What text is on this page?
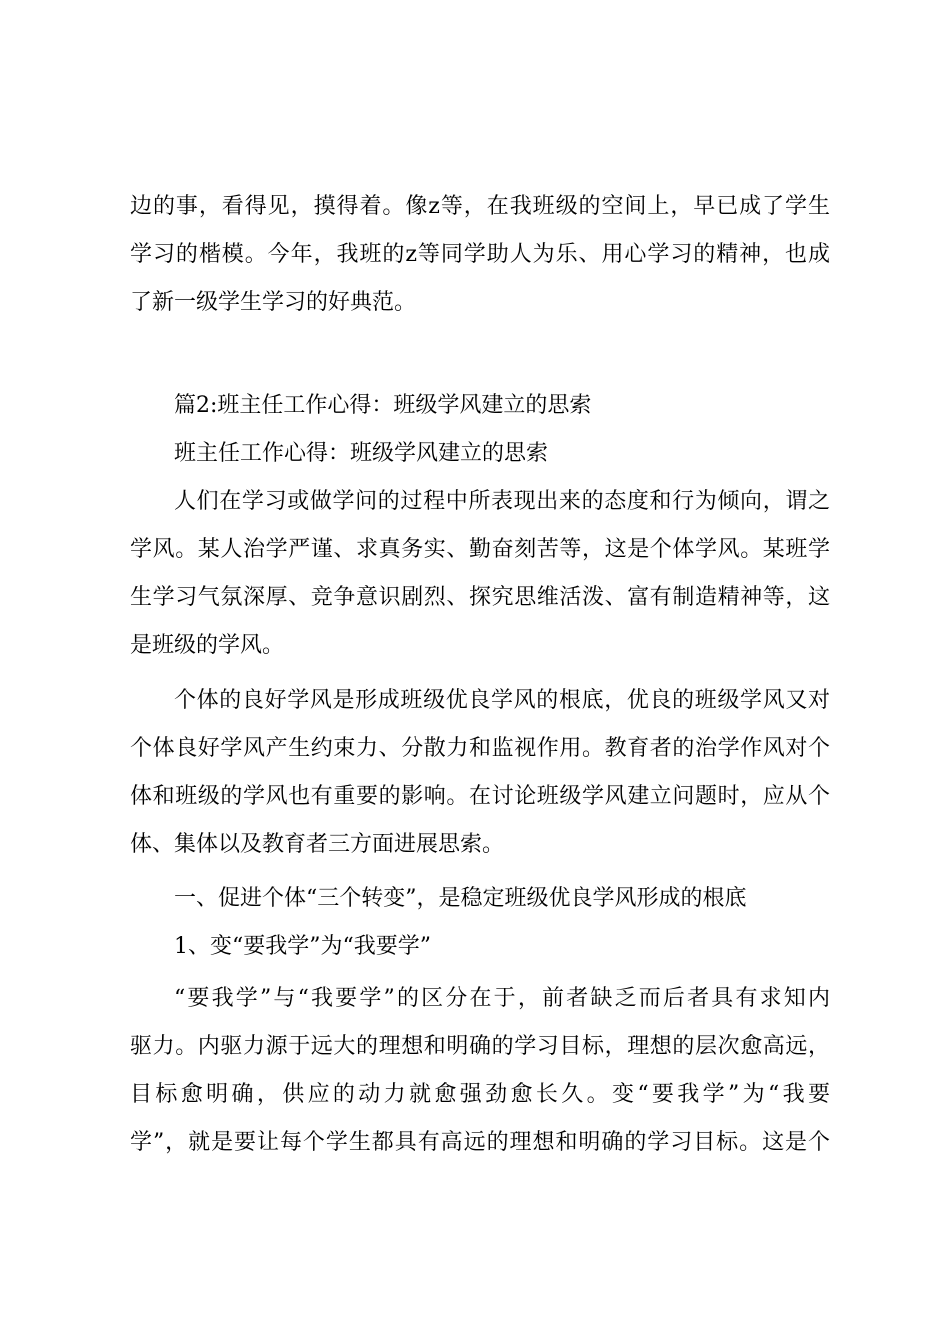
边的事，看得见，摸得着。像z等，在我班级的空间上，早已成了学生
学习的楷模。今年，我班的z等同学助人为乐、用心学习的精神，也成
了新一级学生学习的好典范。
篇2:班主任工作心得：班级学风建立的思索
班主任工作心得：班级学风建立的思索
人们在学习或做学问的过程中所表现出来的态度和行为倾向，谓之
学风。某人治学严谨、求真务实、勤奋刻苦等，这是个体学风。某班学
生学习气氛深厚、竞争意识剧烈、探究思维活泼、富有制造精神等，这
是班级的学风。
个体的良好学风是形成班级优良学风的根底，优良的班级学风又对
个体良好学风产生约束力、分散力和监视作用。教育者的治学作风对个
体和班级的学风也有重要的影响。在讨论班级学风建立问题时，应从个
体、集体以及教育者三方面进展思索。
一、促进个体“三个转变”，是稳定班级优良学风形成的根底
1、变“要我学”为“我要学”
“要我学”与“我要学”的区分在于，前者缺乏而后者具有求知内
驱力。内驱力源于远大的理想和明确的学习目标，理想的层次愈高远，
目标愈明确，供应的动力就愈强劲愈长久。变“要我学”为“我要
学”，就是要让每个学生都具有高远的理想和明确的学习目标。这是个
